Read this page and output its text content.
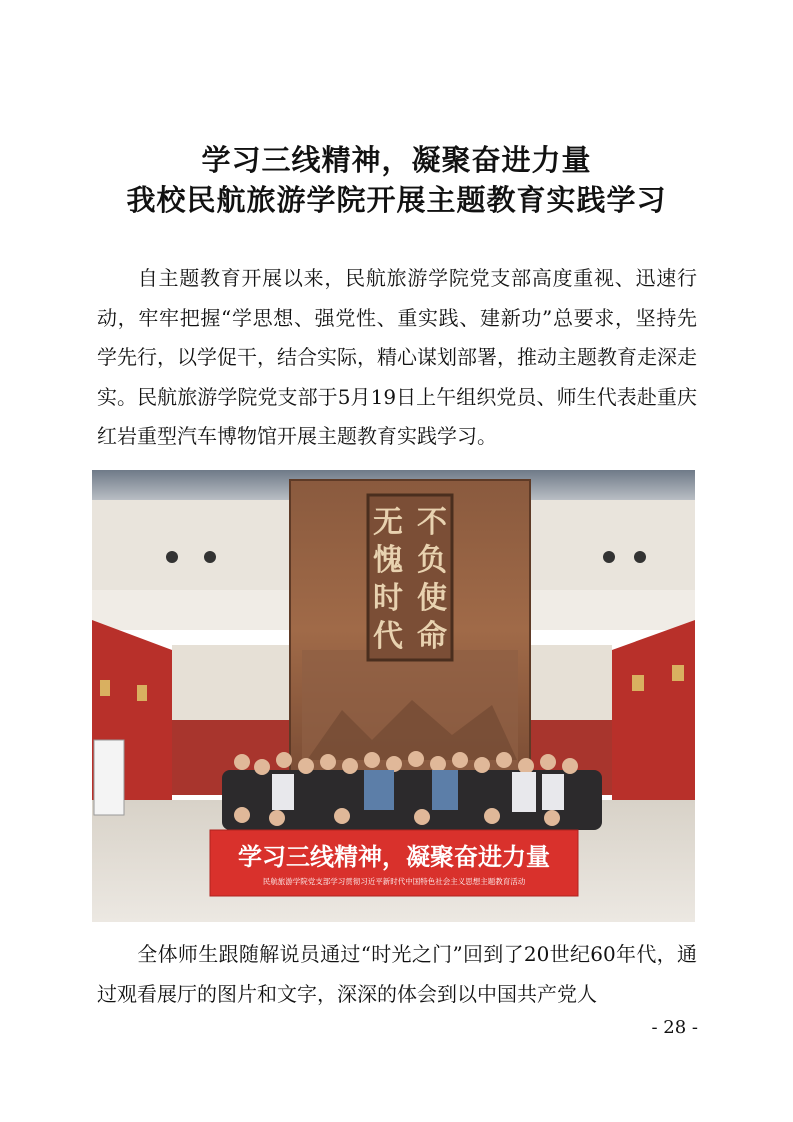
学习三线精神，凝聚奋进力量
我校民航旅游学院开展主题教育实践学习

自主题教育开展以来，民航旅游学院党支部高度重视、迅速行动，牢牢把握“学思想、强党性、重实践、建新功”总要求，坚持先学先行，以学促干，结合实际，精心谋划部署，推动主题教育走深走实。民航旅游学院党支部于5月19日上午组织党员、师生代表赴重庆红岩重型汽车博物馆开展主题教育实践学习。

无
愧
时
代
不
负
使
命
学习三线精神，凝聚奋进力量
民航旅游学院党支部学习贯彻习近平新时代中国特色社会主义思想主题教育活动

全体师生跟随解说员通过“时光之门”回到了20世纪60年代，通过观看展厅的图片和文字，深深的体会到以中国共产党人

- 28 -
